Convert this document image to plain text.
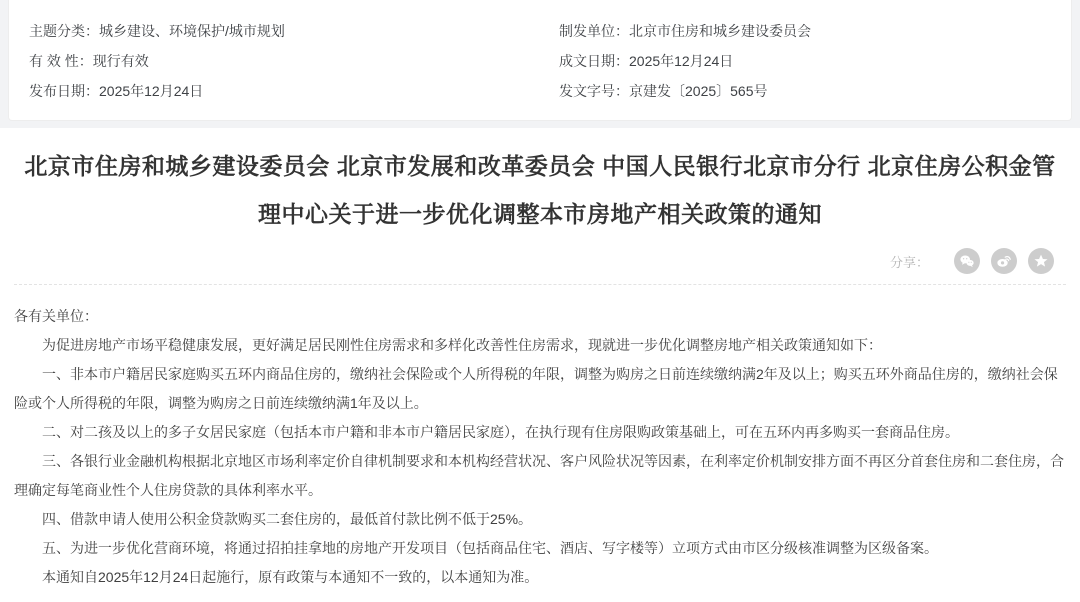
主题分类：城乡建设、环境保护/城市规划
有 效 性：现行有效
发布日期：2025年12月24日
制发单位：北京市住房和城乡建设委员会
成文日期：2025年12月24日
发文字号：京建发〔2025〕565号
北京市住房和城乡建设委员会 北京市发展和改革委员会 中国人民银行北京市分行 北京住房公积金管理中心关于进一步优化调整本市房地产相关政策的通知
分享：

各有关单位：

为促进房地产市场平稳健康发展，更好满足居民刚性住房需求和多样化改善性住房需求，现就进一步优化调整房地产相关政策通知如下：

一、非本市户籍居民家庭购买五环内商品住房的，缴纳社会保险或个人所得税的年限，调整为购房之日前连续缴纳满2年及以上；购买五环外商品住房的，缴纳社会保险或个人所得税的年限，调整为购房之日前连续缴纳满1年及以上。

二、对二孩及以上的多子女居民家庭（包括本市户籍和非本市户籍居民家庭），在执行现有住房限购政策基础上，可在五环内再多购买一套商品住房。

三、各银行业金融机构根据北京地区市场利率定价自律机制要求和本机构经营状况、客户风险状况等因素，在利率定价机制安排方面不再区分首套住房和二套住房，合理确定每笔商业性个人住房贷款的具体利率水平。

四、借款申请人使用公积金贷款购买二套住房的，最低首付款比例不低于25%。

五、为进一步优化营商环境，将通过招拍挂拿地的房地产开发项目（包括商品住宅、酒店、写字楼等）立项方式由市区分级核准调整为区级备案。

本通知自2025年12月24日起施行，原有政策与本通知不一致的，以本通知为准。
